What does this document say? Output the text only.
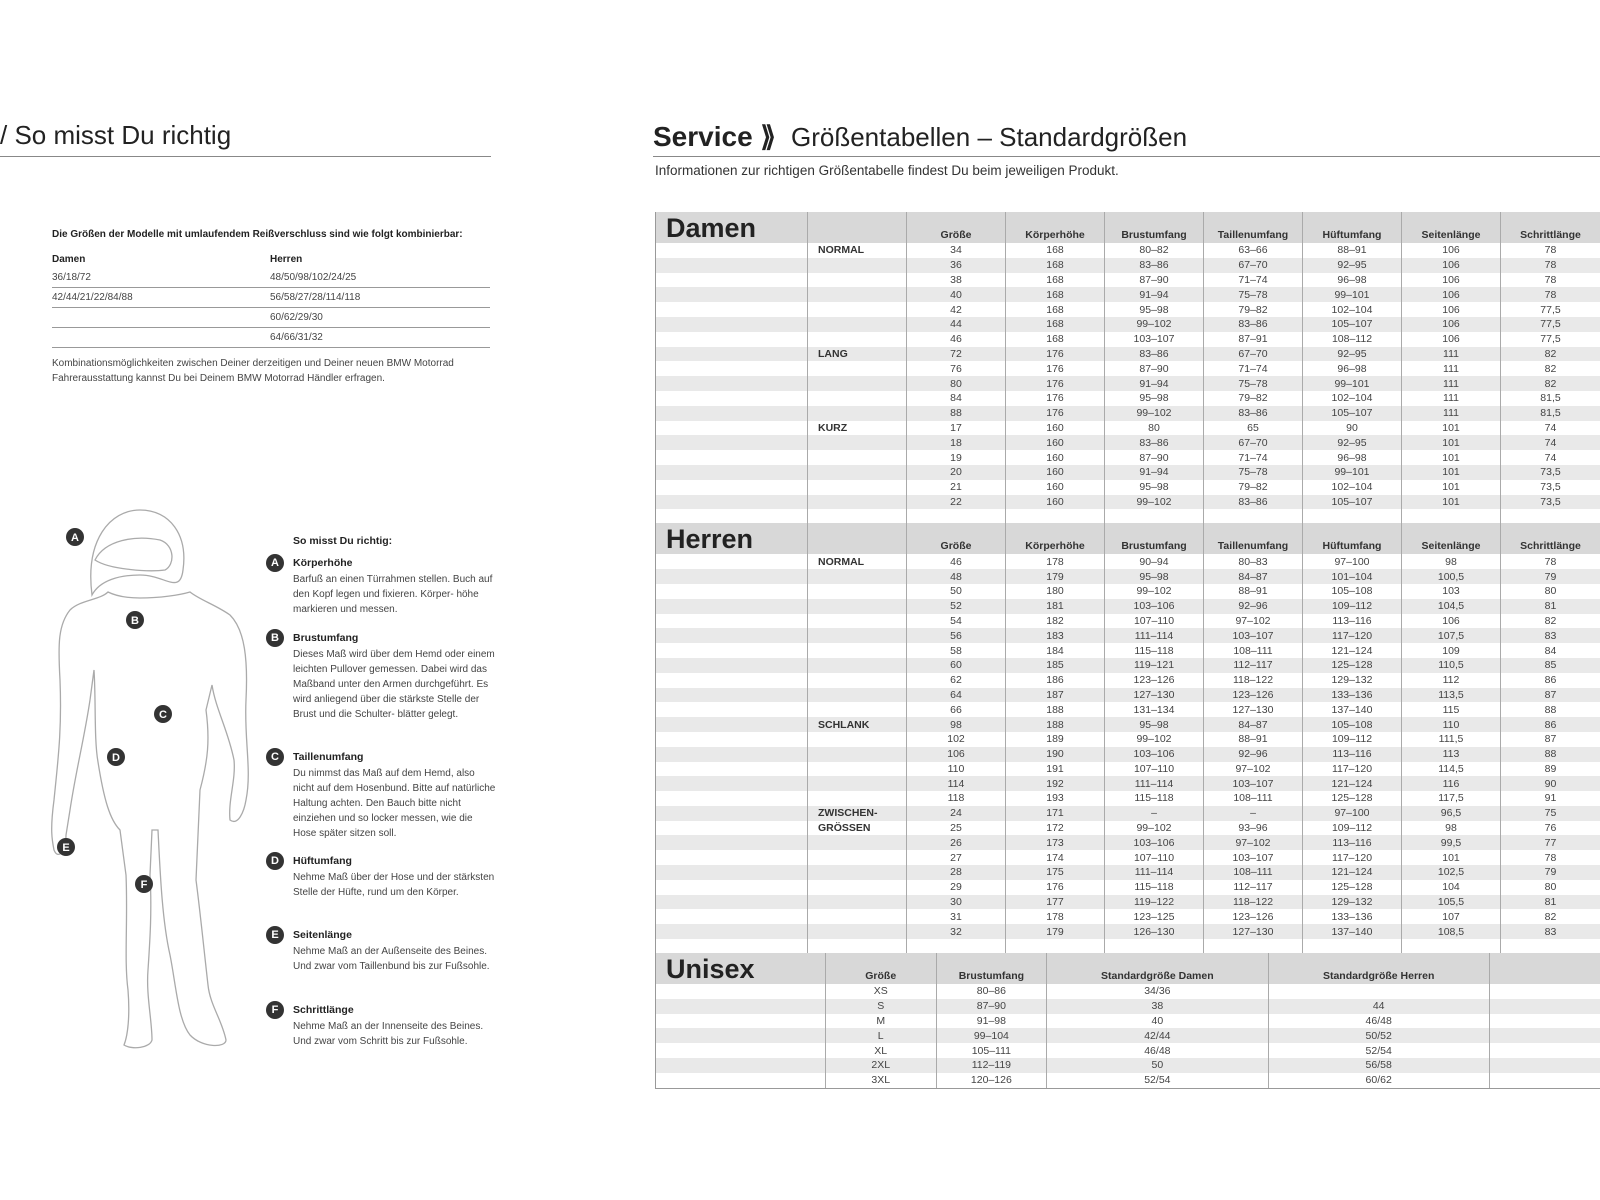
/ So misst Du richtig
Die Größen der Modelle mit umlaufendem Reißverschluss sind wie folgt kombinierbar:
Damen	Herren
36/18/72	48/50/98/102/24/25
42/44/21/22/84/88	56/58/27/28/114/118
	60/62/29/30
	64/66/31/32
Kombinationsmöglichkeiten zwischen Deiner derzeitigen und Deiner neuen BMW Motorrad Fahrerausstattung kannst Du bei Deinem BMW Motorrad Händler erfragen.
A
B
C
D
E
F
So misst Du richtig:
A	Körperhöhe
Barfuß an einen Türrahmen stellen. Buch auf den Kopf legen und fixieren. Körper- höhe markieren und messen.
B	Brustumfang
Dieses Maß wird über dem Hemd oder einem leichten Pullover gemessen. Dabei wird das Maßband unter den Armen durchgeführt. Es wird anliegend über die stärkste Stelle der Brust und die Schulter- blätter gelegt.
C	Taillenumfang
Du nimmst das Maß auf dem Hemd, also nicht auf dem Hosenbund. Bitte auf natürliche Haltung achten. Den Bauch bitte nicht einziehen und so locker messen, wie die Hose später sitzen soll.
D	Hüftumfang
Nehme Maß über der Hose und der stärksten Stelle der Hüfte, rund um den Körper.
E	Seitenlänge
Nehme Maß an der Außenseite des Beines. Und zwar vom Taillenbund bis zur Fußsohle.
F	Schrittlänge
Nehme Maß an der Innenseite des Beines. Und zwar vom Schritt bis zur Fußsohle.
Service ⟫ Größentabellen – Standardgrößen
Informationen zur richtigen Größentabelle findest Du beim jeweiligen Produkt.
Damen		Größe	Körperhöhe	Brustumfang	Taillenumfang	Hüftumfang	Seitenlänge	Schrittlänge
	NORMAL	34	168	80–82	63–66	88–91	106	78
		36	168	83–86	67–70	92–95	106	78
		38	168	87–90	71–74	96–98	106	78
		40	168	91–94	75–78	99–101	106	78
		42	168	95–98	79–82	102–104	106	77,5
		44	168	99–102	83–86	105–107	106	77,5
		46	168	103–107	87–91	108–112	106	77,5
	LANG	72	176	83–86	67–70	92–95	111	82
		76	176	87–90	71–74	96–98	111	82
		80	176	91–94	75–78	99–101	111	82
		84	176	95–98	79–82	102–104	111	81,5
		88	176	99–102	83–86	105–107	111	81,5
	KURZ	17	160	80	65	90	101	74
		18	160	83–86	67–70	92–95	101	74
		19	160	87–90	71–74	96–98	101	74
		20	160	91–94	75–78	99–101	101	73,5
		21	160	95–98	79–82	102–104	101	73,5
		22	160	99–102	83–86	105–107	101	73,5

Herren		Größe	Körperhöhe	Brustumfang	Taillenumfang	Hüftumfang	Seitenlänge	Schrittlänge
	NORMAL	46	178	90–94	80–83	97–100	98	78
		48	179	95–98	84–87	101–104	100,5	79
		50	180	99–102	88–91	105–108	103	80
		52	181	103–106	92–96	109–112	104,5	81
		54	182	107–110	97–102	113–116	106	82
		56	183	111–114	103–107	117–120	107,5	83
		58	184	115–118	108–111	121–124	109	84
		60	185	119–121	112–117	125–128	110,5	85
		62	186	123–126	118–122	129–132	112	86
		64	187	127–130	123–126	133–136	113,5	87
		66	188	131–134	127–130	137–140	115	88
	SCHLANK	98	188	95–98	84–87	105–108	110	86
		102	189	99–102	88–91	109–112	111,5	87
		106	190	103–106	92–96	113–116	113	88
		110	191	107–110	97–102	117–120	114,5	89
		114	192	111–114	103–107	121–124	116	90
		118	193	115–118	108–111	125–128	117,5	91
	ZWISCHEN-	24	171	–	–	97–100	96,5	75
	GRÖSSEN	25	172	99–102	93–96	109–112	98	76
		26	173	103–106	97–102	113–116	99,5	77
		27	174	107–110	103–107	117–120	101	78
		28	175	111–114	108–111	121–124	102,5	79
		29	176	115–118	112–117	125–128	104	80
		30	177	119–122	118–122	129–132	105,5	81
		31	178	123–125	123–126	133–136	107	82
		32	179	126–130	127–130	137–140	108,5	83

Unisex	Größe	Brustumfang	Standardgröße Damen	Standardgröße Herren	
	XS	80–86	34/36		
	S	87–90	38	44	
	M	91–98	40	46/48	
	L	99–104	42/44	50/52	
	XL	105–111	46/48	52/54	
	2XL	112–119	50	56/58	
	3XL	120–126	52/54	60/62	
